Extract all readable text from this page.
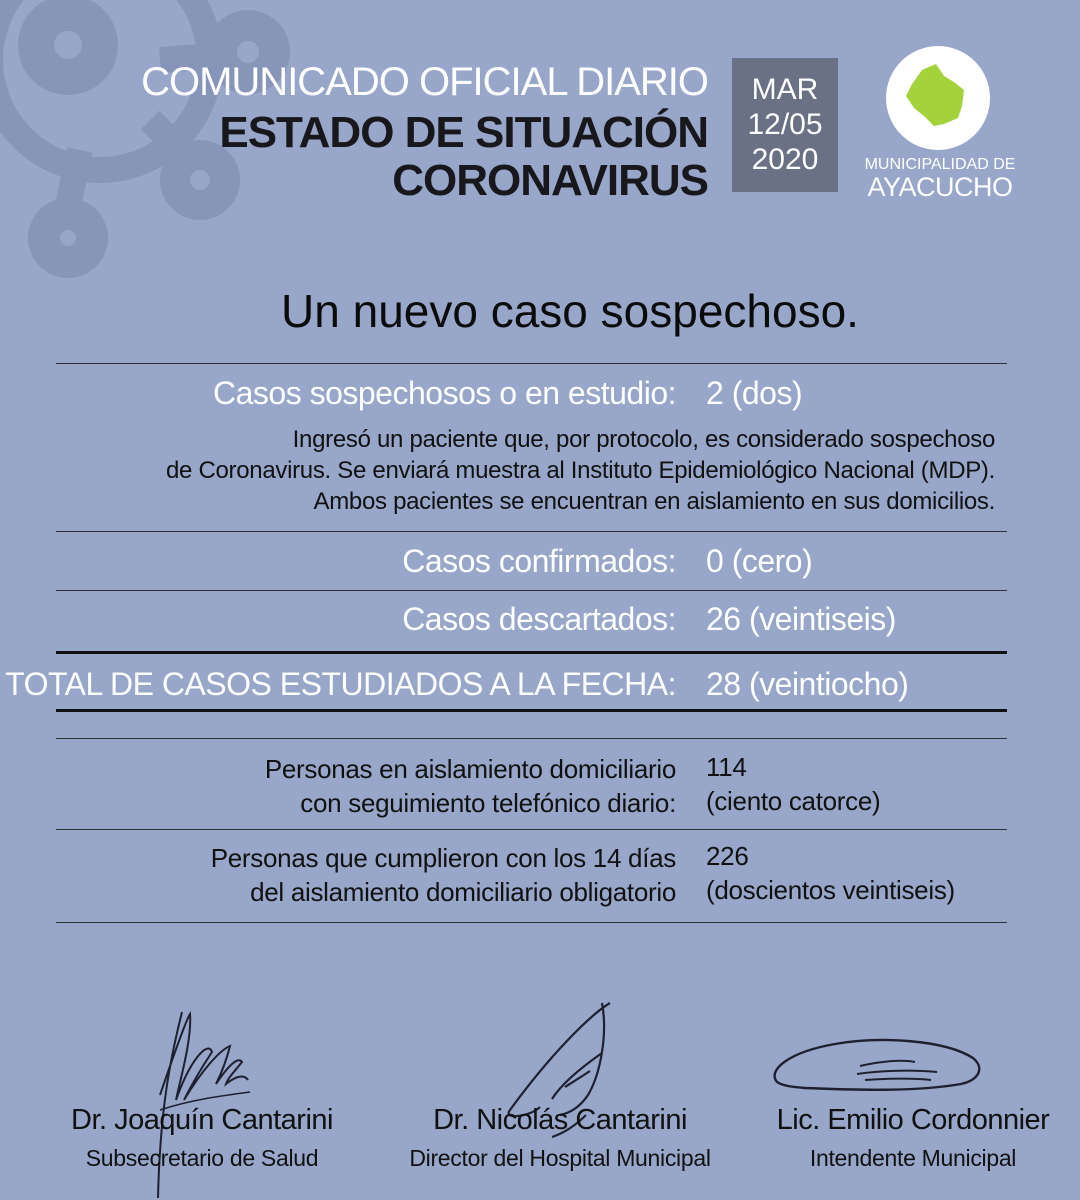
COMUNICADO OFICIAL DIARIO
ESTADO DE SITUACIÓN
CORONAVIRUS
MAR
12/05
2020	MUNICIPALIDAD DE
AYACUCHO
Un nuevo caso sospechoso.
Casos sospechosos o en estudio: 2 (dos)
Ingresó un paciente que, por protocolo, es considerado sospechoso
de Coronavirus. Se enviará muestra al Instituto Epidemiológico Nacional (MDP).
Ambos pacientes se encuentran en aislamiento en sus domicilios.
Casos confirmados: 0 (cero)
Casos descartados: 26 (veintiseis)
TOTAL DE CASOS ESTUDIADOS A LA FECHA: 28 (veintiocho)
Personas en aislamiento domiciliario
con seguimiento telefónico diario:
114
(ciento catorce)
Personas que cumplieron con los 14 días
del aislamiento domiciliario obligatorio
226
(doscientos veintiseis)
Dr. Joaquín Cantarini
Subsecretario de Salud
Dr. Nicolás Cantarini
Director del Hospital Municipal
Lic. Emilio Cordonnier
Intendente Municipal
